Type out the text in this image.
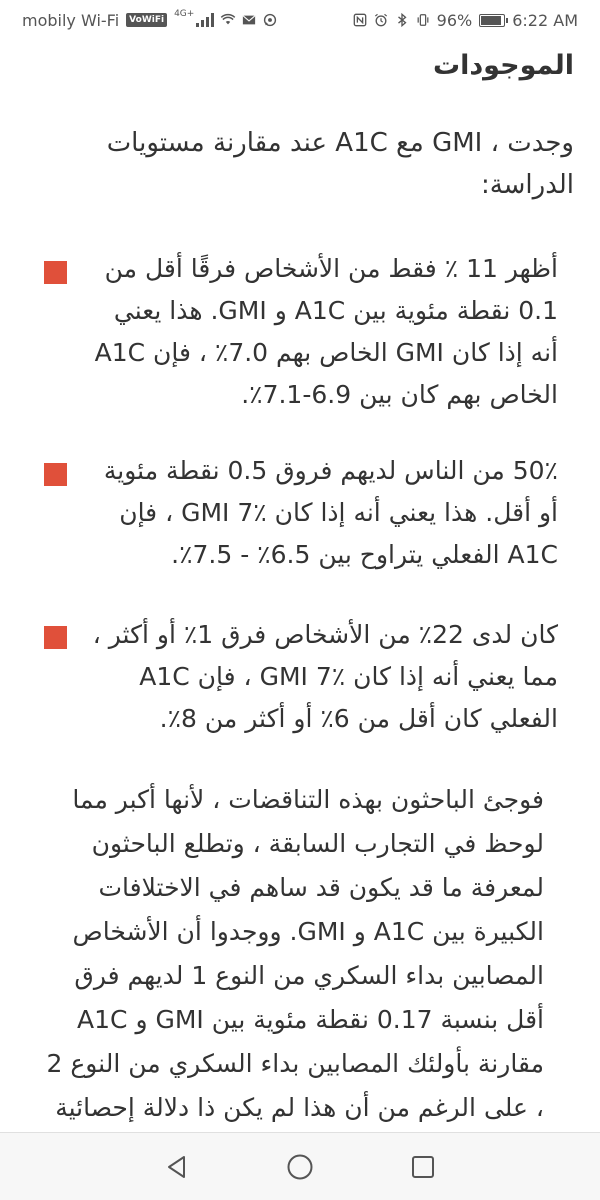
mobily Wi-Fi	VoWiFi
4G+	96%	6:22 AM
الموجودات

وجدت ، GMI مع A1C عند مقارنة مستويات الدراسة:

أظهر 11 ٪ فقط من الأشخاص فرقًا أقل من 0.1 نقطة مئوية بين A1C و GMI. هذا يعني أنه إذا كان GMI الخاص بهم 7.0٪ ، فإن A1C الخاص بهم كان بين 6.9-7.1٪.

50٪ من الناس لديهم فروق 0.5 نقطة مئوية أو أقل. هذا يعني أنه إذا كان GMI 7٪ ، فإن A1C الفعلي يتراوح بين 6.5٪ - 7.5٪.

كان لدى 22٪ من الأشخاص فرق 1٪ أو أكثر ، مما يعني أنه إذا كان GMI 7٪ ، فإن A1C الفعلي كان أقل من 6٪ أو أكثر من 8٪.

فوجئ الباحثون بهذه التناقضات ، لأنها أكبر مما لوحظ في التجارب السابقة ، وتطلع الباحثون لمعرفة ما قد يكون قد ساهم في الاختلافات الكبيرة بين A1C و GMI. ووجدوا أن الأشخاص المصابين بداء السكري من النوع 1 لديهم فرق أقل بنسبة 0.17 نقطة مئوية بين GMI و A1C مقارنة بأولئك المصابين بداء السكري من النوع 2 ، على الرغم من أن هذا لم يكن ذا دلالة إحصائية
